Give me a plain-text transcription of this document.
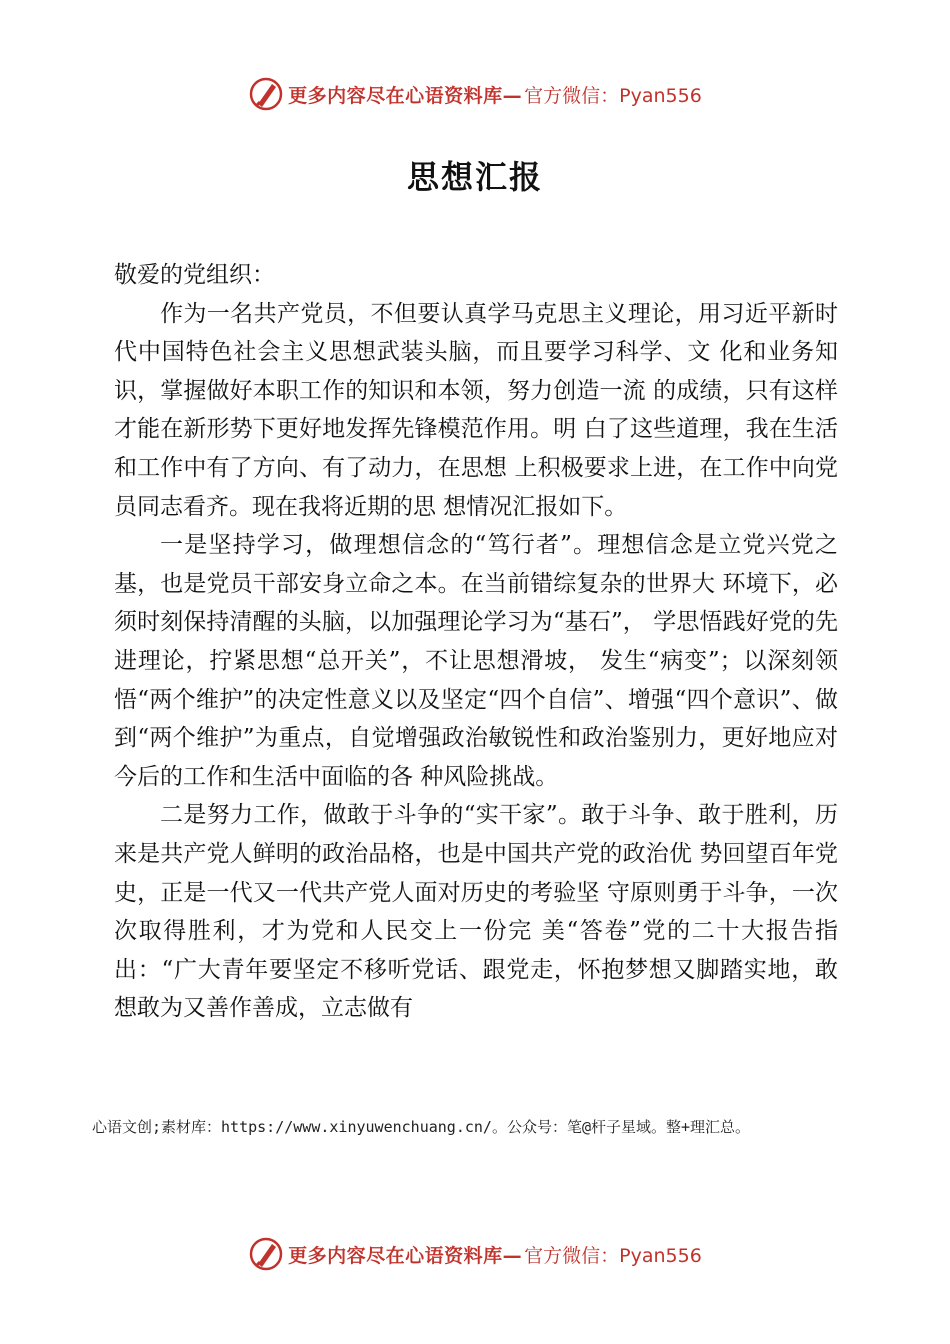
更多内容尽在心语资料库— 官方微信：Pyan556
思想汇报

敬爱的党组织：

作为一名共产党员，不但要认真学马克思主义理论，用习近平新时代中国特色社会主义思想武装头脑，而且要学习科学、文 化和业务知识，掌握做好本职工作的知识和本领，努力创造一流 的成绩，只有这样才能在新形势下更好地发挥先锋模范作用。明 白了这些道理，我在生活和工作中有了方向、有了动力，在思想 上积极要求上进，在工作中向党员同志看齐。现在我将近期的思 想情况汇报如下。

一是坚持学习，做理想信念的“笃行者”。理想信念是立党兴党之基，也是党员干部安身立命之本。在当前错综复杂的世界大 环境下，必须时刻保持清醒的头脑，以加强理论学习为“基石”， 学思悟践好党的先进理论，拧紧思想“总开关”，不让思想滑坡， 发生“病变”；以深刻领悟“两个维护”的决定性意义以及坚定“四个自信”、增强“四个意识”、做到“两个维护”为重点，自觉增强政治敏锐性和政治鉴别力，更好地应对今后的工作和生活中面临的各 种风险挑战。

二是努力工作，做敢于斗争的“实干家”。敢于斗争、敢于胜利，历来是共产党人鲜明的政治品格，也是中国共产党的政治优 势回望百年党史，正是一代又一代共产党人面对历史的考验坚 守原则勇于斗争，一次次取得胜利，才为党和人民交上一份完 美“答卷”党的二十大报告指出：“广大青年要坚定不移听党话、跟党走，怀抱梦想又脚踏实地，敢想敢为又善作善成，立志做有

心语文创;素材库：https://www.xinyuwenchuang.cn/。公众号：笔@杆子星域。整+理汇总。
更多内容尽在心语资料库— 官方微信：Pyan556
